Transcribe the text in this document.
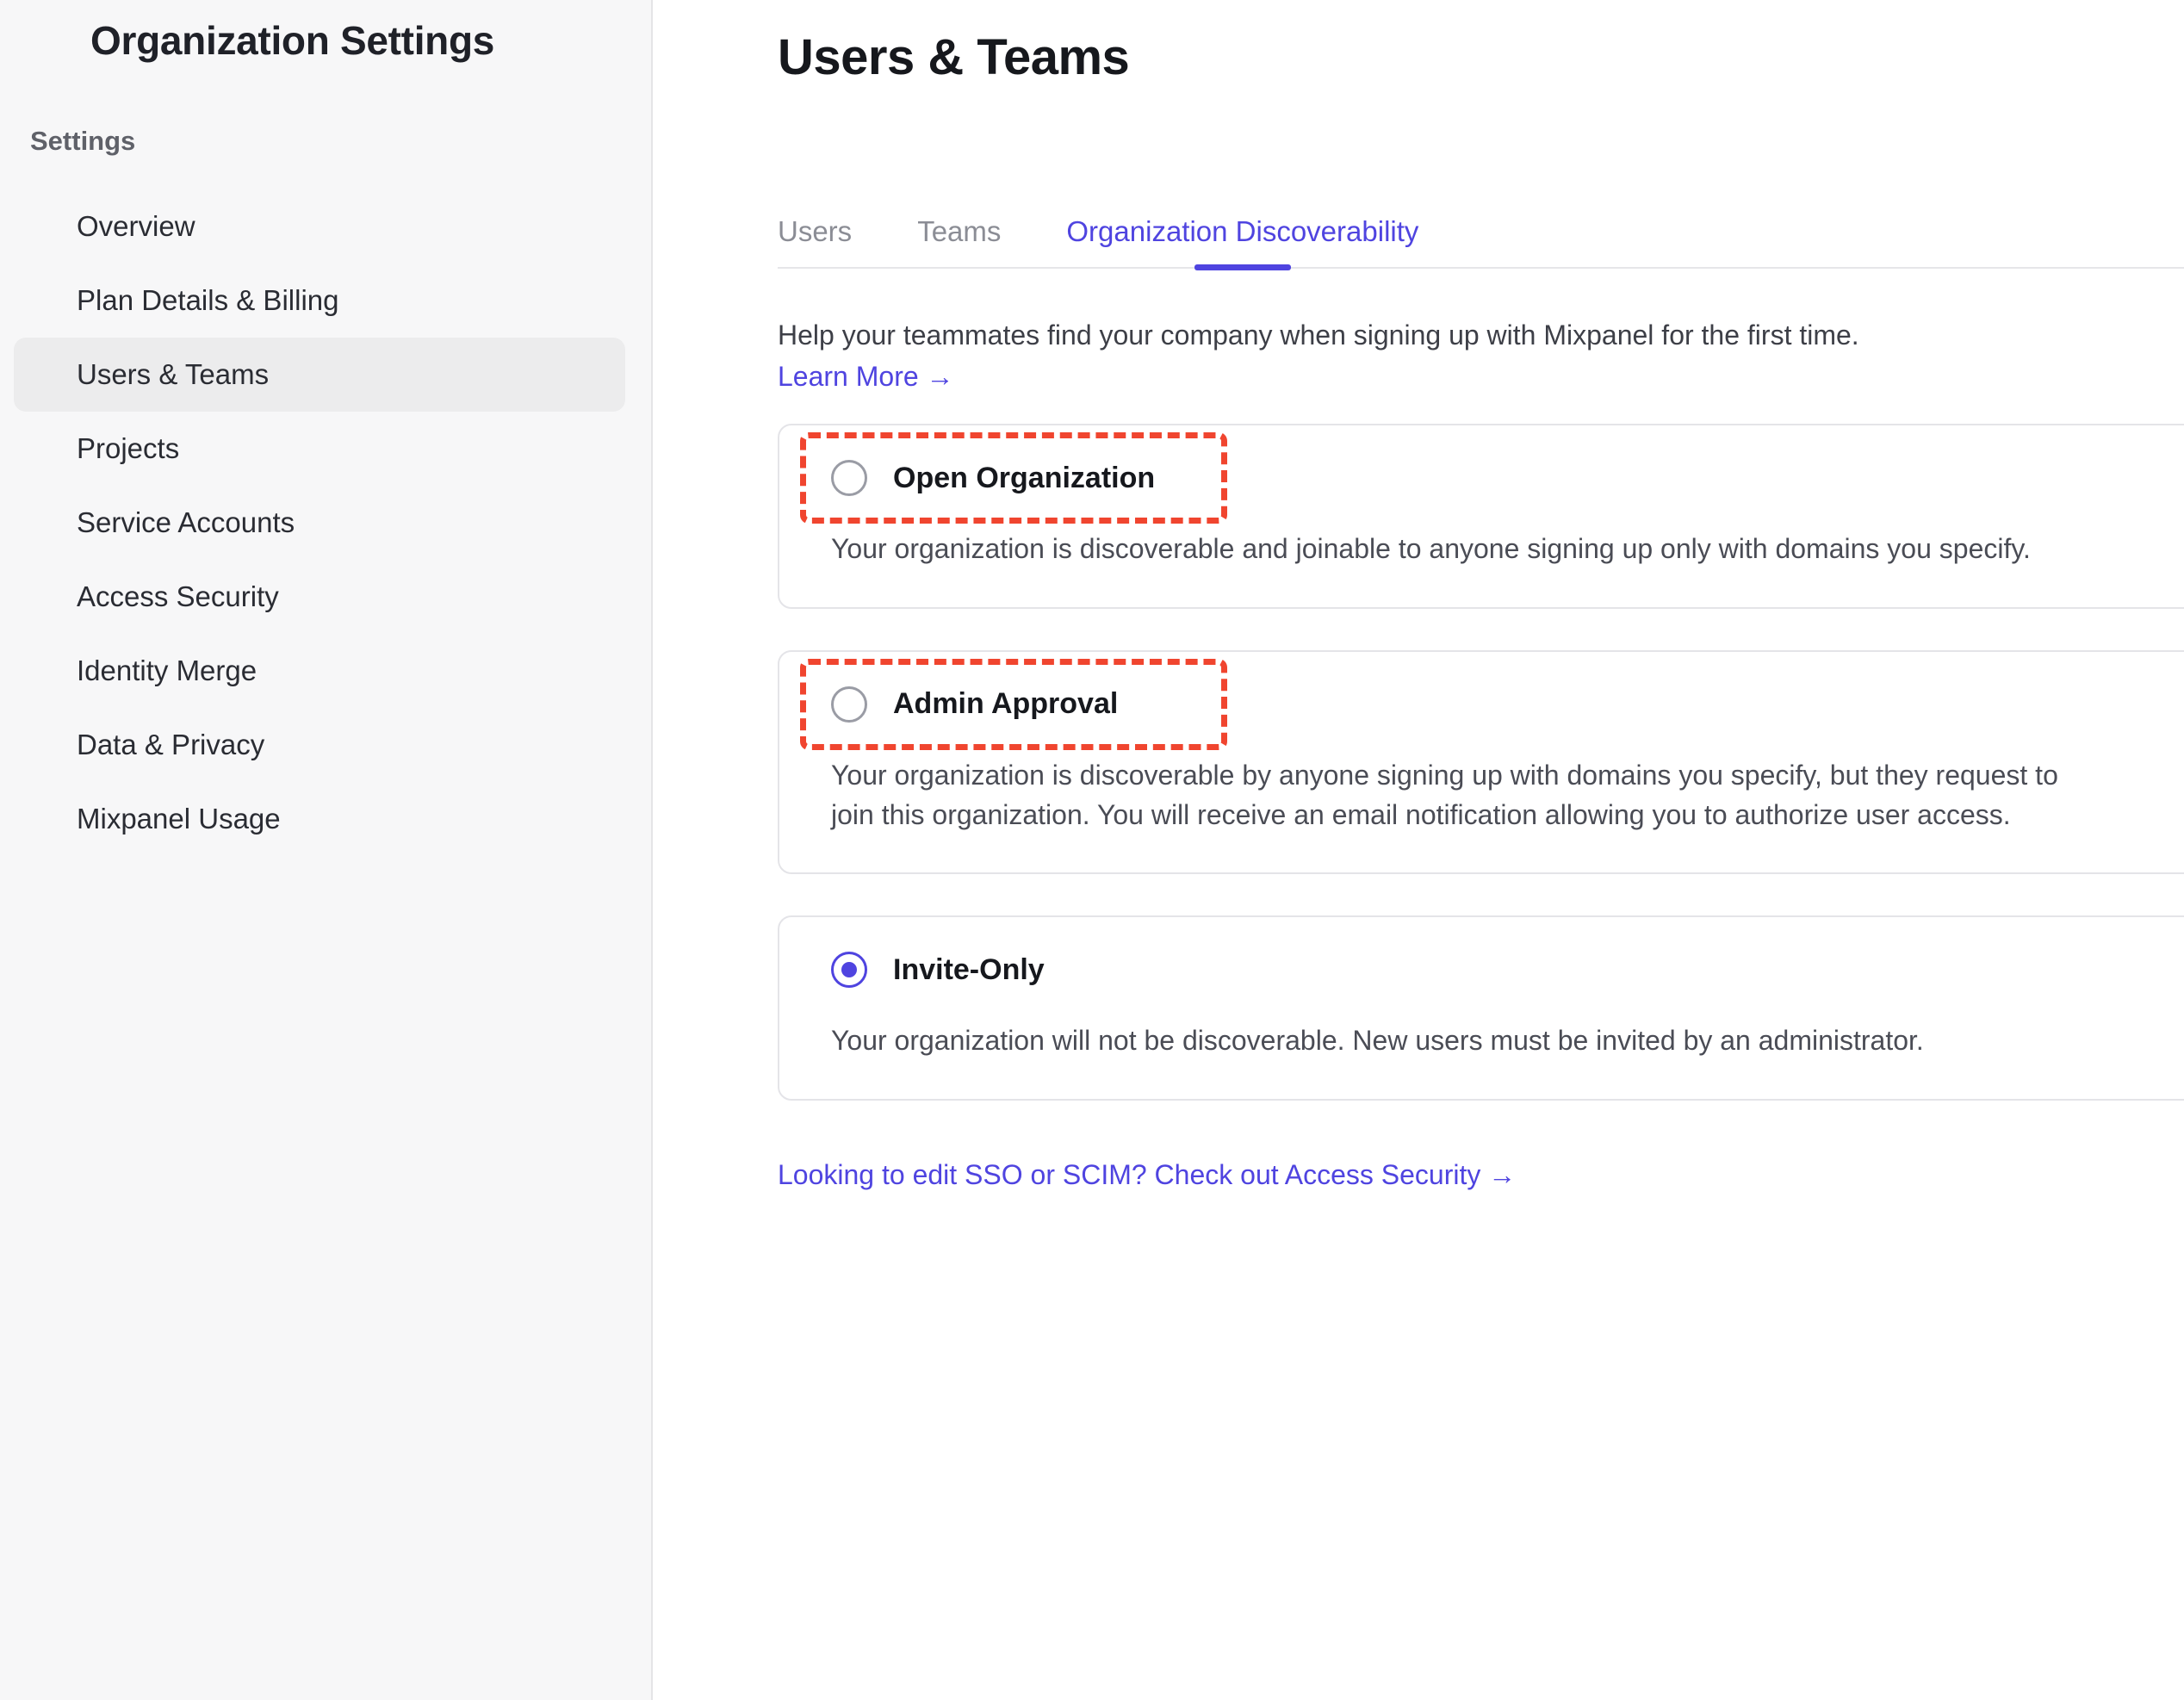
Organization Settings
Settings
Overview
Plan Details & Billing
Users & Teams
Projects
Service Accounts
Access Security
Identity Merge
Data & Privacy
Mixpanel Usage
Users & Teams
Users Teams Organization Discoverability

Help your teammates find your company when signing up with Mixpanel for the first time.

Learn More →
Open Organization
Your organization is discoverable and joinable to anyone signing up only with domains you specify.
Admin Approval
Your organization is discoverable by anyone signing up with domains you specify, but they request to join this organization. You will receive an email notification allowing you to authorize user access.
Invite-Only
Your organization will not be discoverable. New users must be invited by an administrator.
Looking to edit SSO or SCIM? Check out Access Security →
